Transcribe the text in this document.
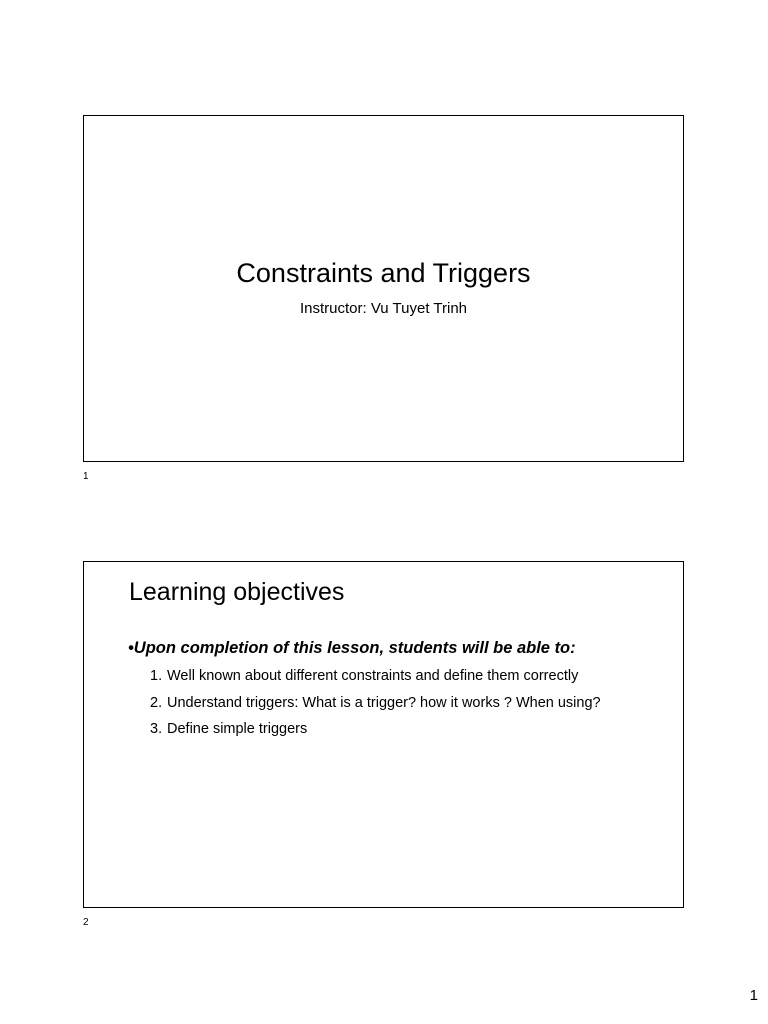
Constraints and Triggers
Instructor: Vu Tuyet Trinh
1
Learning objectives
•Upon completion of this lesson, students will be able to:
1. Well known about different constraints and define them correctly
2. Understand triggers: What is a trigger? how it works ? When using?
3. Define simple triggers
2
1
